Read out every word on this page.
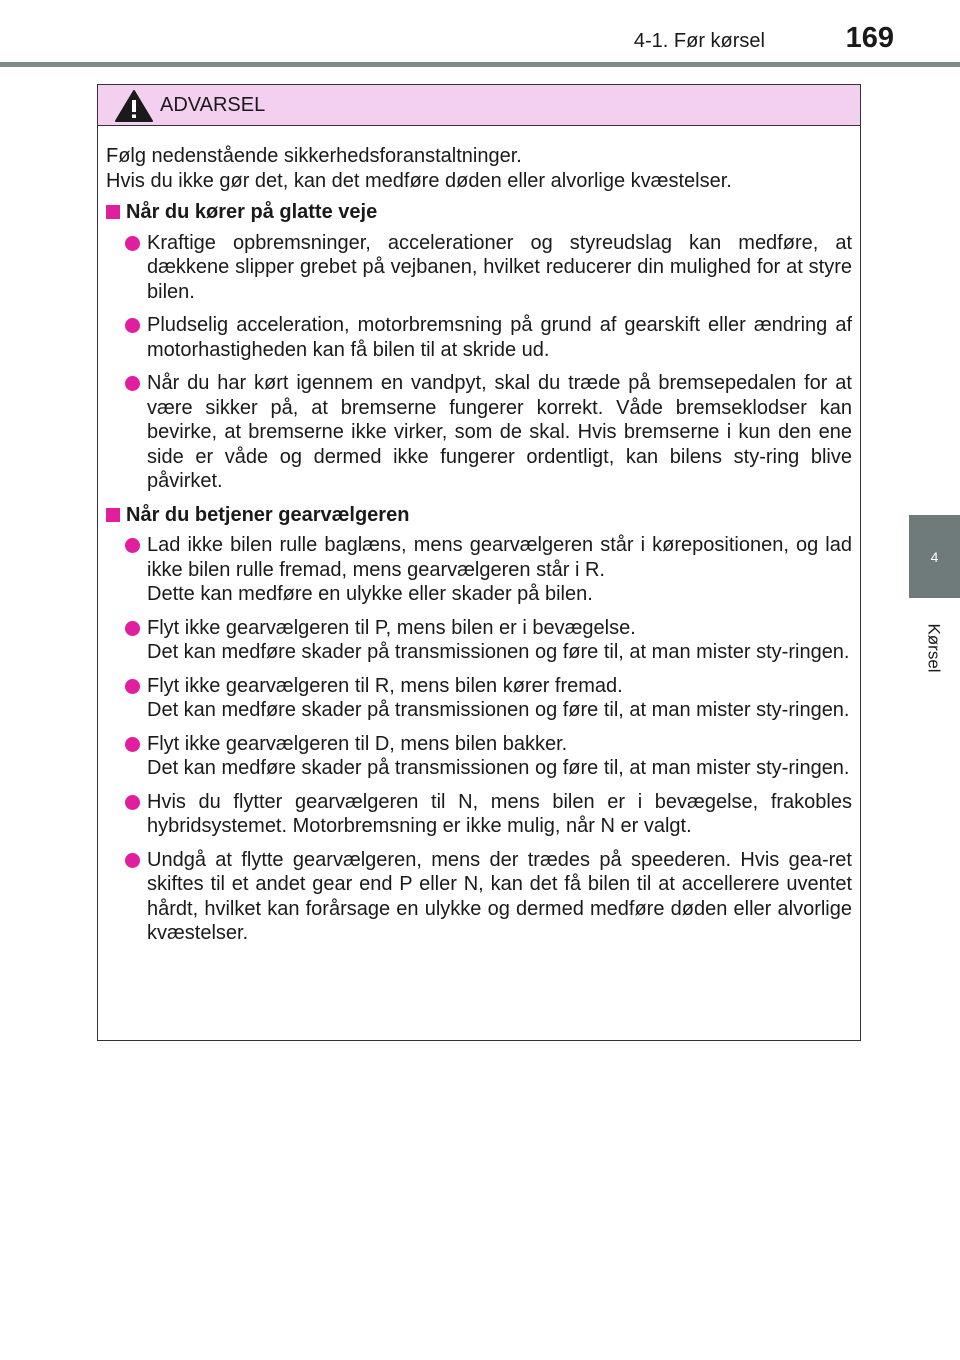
4-1. Før kørsel	169
4
Kørsel
ADVARSEL
Følg nedenstående sikkerhedsforanstaltninger.
Hvis du ikke gør det, kan det medføre døden eller alvorlige kvæstelser.
Når du kører på glatte veje

Kraftige opbremsninger, accelerationer og styreudslag kan medføre, at dækkene slipper grebet på vejbanen, hvilket reducerer din mulighed for at styre bilen.

Pludselig acceleration, motorbremsning på grund af gearskift eller ændring af motorhastigheden kan få bilen til at skride ud.

Når du har kørt igennem en vandpyt, skal du træde på bremsepedalen for at være sikker på, at bremserne fungerer korrekt. Våde bremseklodser kan bevirke, at bremserne ikke virker, som de skal. Hvis bremserne i kun den ene side er våde og dermed ikke fungerer ordentligt, kan bilens sty-ring blive påvirket.

Når du betjener gearvælgeren

Lad ikke bilen rulle baglæns, mens gearvælgeren står i kørepositionen, og lad ikke bilen rulle fremad, mens gearvælgeren står i R.

Dette kan medføre en ulykke eller skader på bilen.

Flyt ikke gearvælgeren til P, mens bilen er i bevægelse.

Det kan medføre skader på transmissionen og føre til, at man mister sty-ringen.

Flyt ikke gearvælgeren til R, mens bilen kører fremad.

Det kan medføre skader på transmissionen og føre til, at man mister sty-ringen.

Flyt ikke gearvælgeren til D, mens bilen bakker.

Det kan medføre skader på transmissionen og føre til, at man mister sty-ringen.

Hvis du flytter gearvælgeren til N, mens bilen er i bevægelse, frakobles hybridsystemet. Motorbremsning er ikke mulig, når N er valgt.

Undgå at flytte gearvælgeren, mens der trædes på speederen. Hvis gea-ret skiftes til et andet gear end P eller N, kan det få bilen til at accellerere uventet hårdt, hvilket kan forårsage en ulykke og dermed medføre døden eller alvorlige kvæstelser.
